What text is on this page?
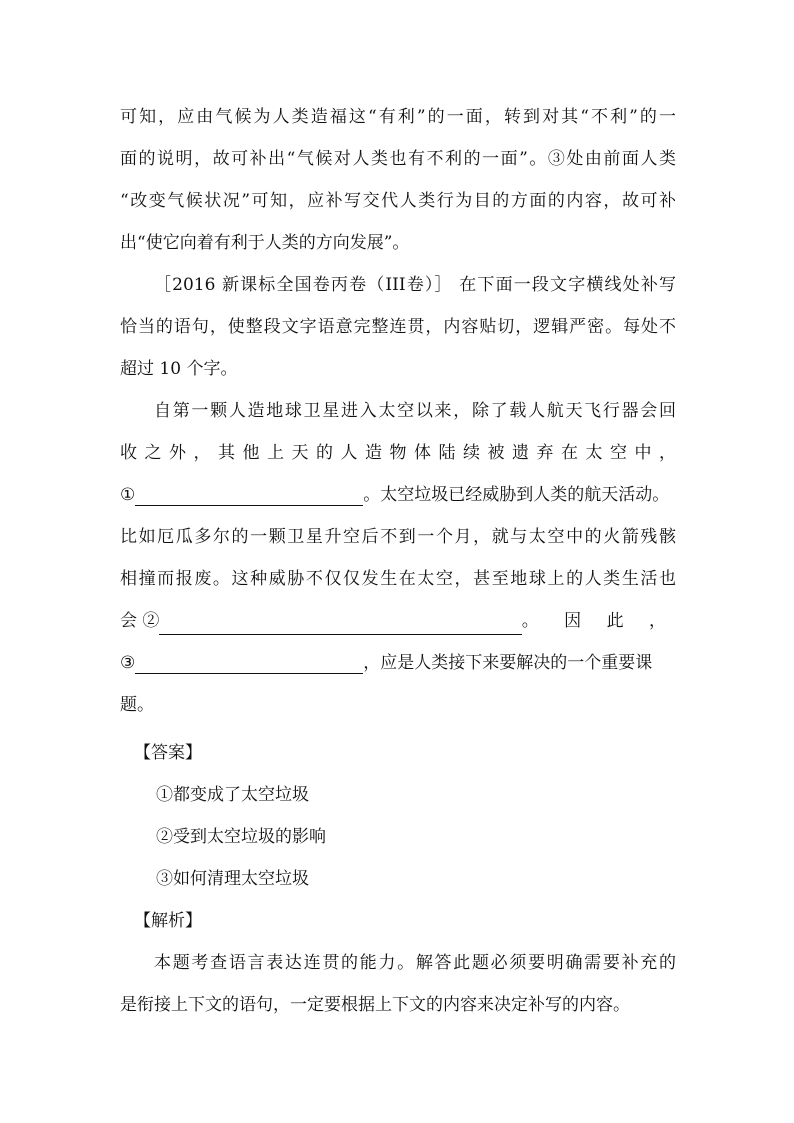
可知，应由气候为人类造福这“有利”的一面，转到对其“不利”的一
面的说明，故可补出“气候对人类也有不利的一面”。③处由前面人类
“改变气候状况”可知，应补写交代人类行为目的方面的内容，故可补
出“使它向着有利于人类的方向发展”。
［2016 新课标全国卷丙卷（III卷）］ 在下面一段文字横线处补写
恰当的语句，使整段文字语意完整连贯，内容贴切，逻辑严密。每处不
超过 10 个字。
自第一颗人造地球卫星进入太空以来，除了载人航天飞行器会回
收之外，其他上天的人造物体陆续被遗弃在太空中，
①	。太空垃圾已经威胁到人类的航天活动。
比如厄瓜多尔的一颗卫星升空后不到一个月，就与太空中的火箭残骸
相撞而报废。这种威胁不仅仅发生在太空，甚至地球上的人类生活也
会 ②	。 因 此 ，
③	，应是人类接下来要解决的一个重要课
题。
【答案】
①都变成了太空垃圾
②受到太空垃圾的影响
③如何清理太空垃圾
【解析】
本题考查语言表达连贯的能力。解答此题必须要明确需要补充的
是衔接上下文的语句，一定要根据上下文的内容来决定补写的内容。
